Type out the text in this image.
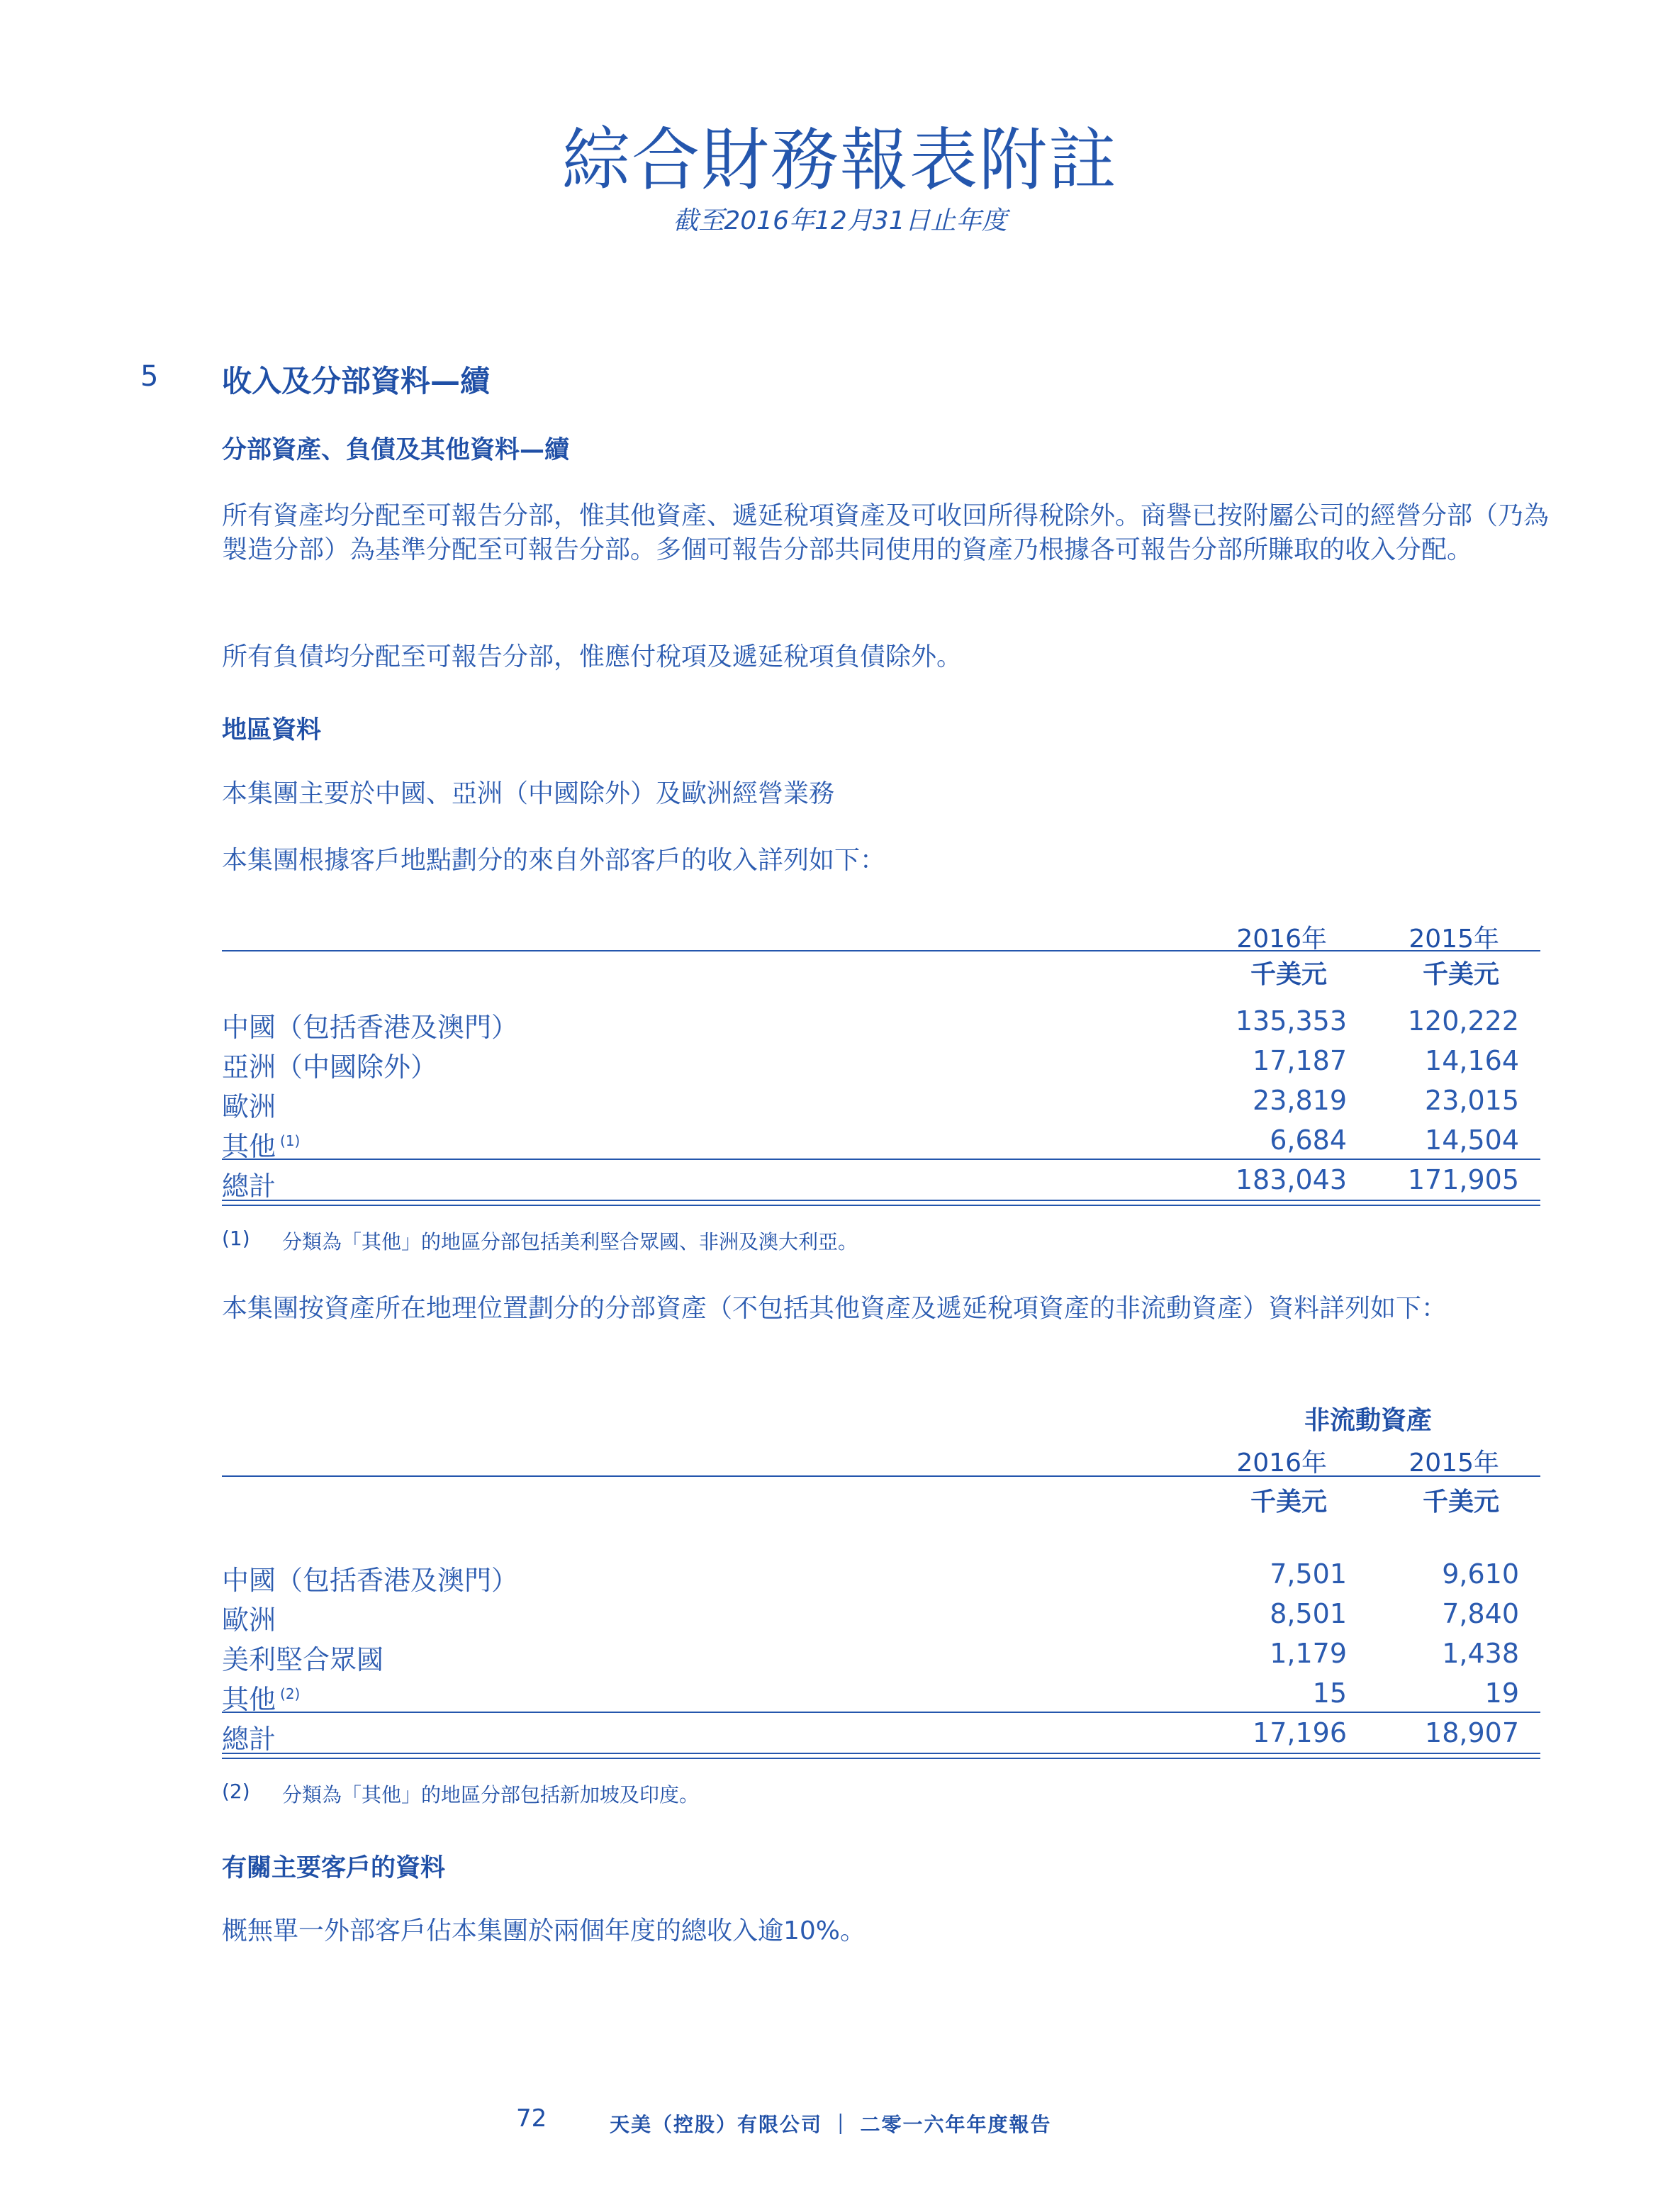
綜合財務報表附註
截至2016年12月31日止年度
5 收入及分部資料—續
分部資產、負債及其他資料—續
所有資產均分配至可報告分部，惟其他資產、遞延稅項資產及可收回所得稅除外。商譽已按附屬公司的經營分部（乃為製造分部）為基準分配至可報告分部。多個可報告分部共同使用的資產乃根據各可報告分部所賺取的收入分配。
所有負債均分配至可報告分部，惟應付稅項及遞延稅項負債除外。
地區資料
本集團主要於中國、亞洲（中國除外）及歐洲經營業務
本集團根據客戶地點劃分的來自外部客戶的收入詳列如下：
2016年	2015年
千美元	千美元
中國（包括香港及澳門）	135,353	120,222
亞洲（中國除外）	17,187	14,164
歐洲	23,819	23,015
其他 $^{(1)}$	6,684	14,504
總計	183,043	171,905
(1) 分類為「其他」的地區分部包括美利堅合眾國、非洲及澳大利亞。
本集團按資產所在地理位置劃分的分部資產（不包括其他資產及遞延稅項資產的非流動資產）資料詳列如下：
非流動資產
2016年	2015年
千美元	千美元
中國（包括香港及澳門）	7,501	9,610
歐洲	8,501	7,840
美利堅合眾國	1,179	1,438
其他 $^{(2)}$	15	19
總計	17,196	18,907
(2) 分類為「其他」的地區分部包括新加坡及印度。
有關主要客戶的資料
概無單一外部客戶佔本集團於兩個年度的總收入逾10%。
72	天美（控股）有限公司 ｜ 二零一六年年度報告
